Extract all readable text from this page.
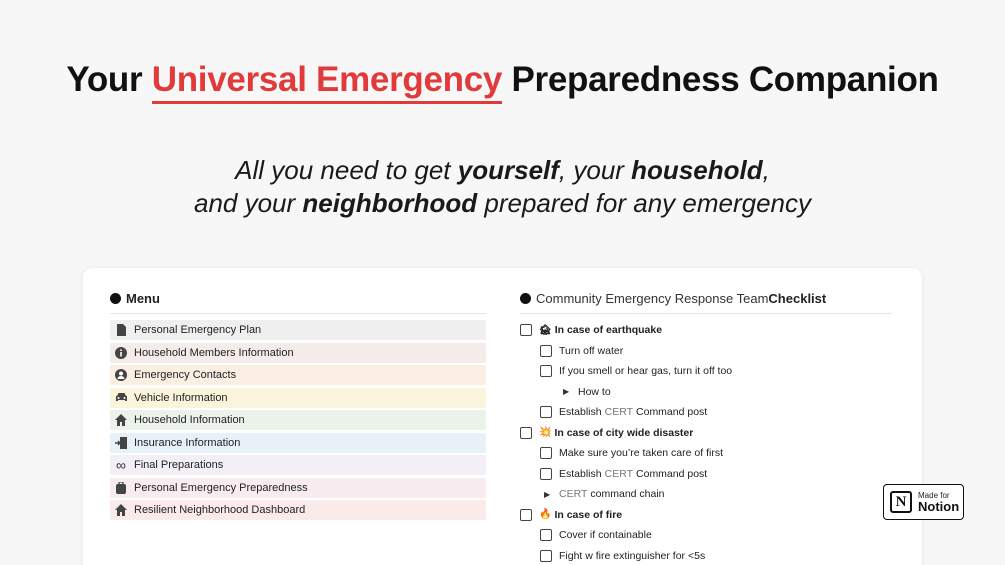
Your Universal Emergency Preparedness Companion
All you need to get yourself, your household,
and your neighborhood prepared for any emergency
Menu
Personal Emergency Plan
Household Members Information
Emergency Contacts
Vehicle Information
Household Information
Insurance Information
∞ Final Preparations
Personal Emergency Preparedness
Resilient Neighborhood Dashboard
Community Emergency Response Team Checklist
🏚 In case of earthquake
Turn off water
If you smell or hear gas, turn it off too
▶ How to
Establish CERT Command post
💥 In case of city wide disaster
Make sure you’re taken care of first
Establish CERT Command post
▶ CERT command chain
🔥 In case of fire
Cover if containable
Fight w fire extinguisher for <5s
N	Made for
Notion
